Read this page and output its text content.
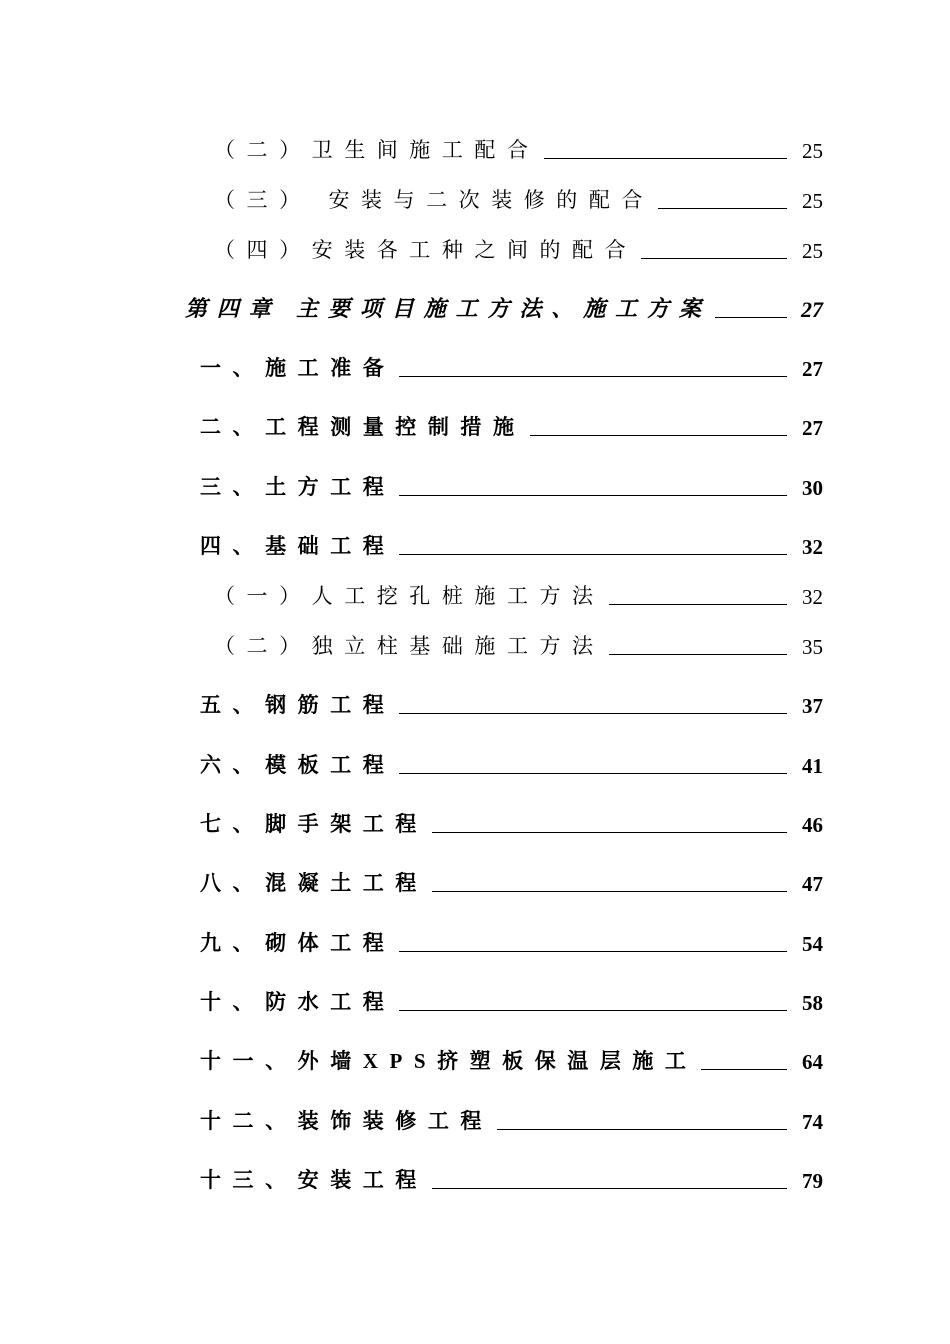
（二）卫生间施工配合	25
（三） 安装与二次装修的配合	25
（四）安装各工种之间的配合	25
第四章 主要项目施工方法、施工方案	27
一、施工准备	27
二、工程测量控制措施	27
三、土方工程	30
四、基础工程	32
（一）人工挖孔桩施工方法	32
（二）独立柱基础施工方法	35
五、钢筋工程	37
六、模板工程	41
七、脚手架工程	46
八、混凝土工程	47
九、砌体工程	54
十、防水工程	58
十一、外墙XPS挤塑板保温层施工	64
十二、装饰装修工程	74
十三、安装工程	79
